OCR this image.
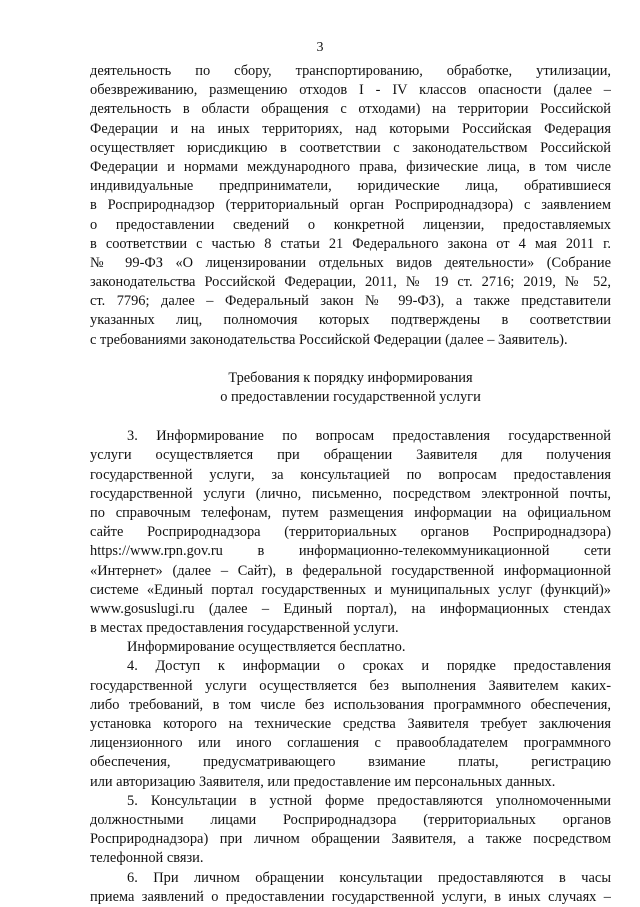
3
деятельность по сбору, транспортированию, обработке, утилизации,
обезвреживанию, размещению отходов I - IV классов опасности (далее –
деятельность в области обращения с отходами) на территории Российской
Федерации и на иных территориях, над которыми Российская Федерация
осуществляет юрисдикцию в соответствии с законодательством Российской
Федерации и нормами международного права, физические лица, в том числе
индивидуальные предприниматели, юридические лица, обратившиеся
в Росприроднадзор (территориальный орган Росприроднадзора) с заявлением
о предоставлении сведений о конкретной лицензии, предоставляемых
в соответствии с частью 8 статьи 21 Федерального закона от 4 мая 2011 г.
№ 99-ФЗ «О лицензировании отдельных видов деятельности» (Собрание
законодательства Российской Федерации, 2011, № 19 ст. 2716; 2019, № 52,
ст. 7796; далее – Федеральный закон № 99-ФЗ), а также представители
указанных лиц, полномочия которых подтверждены в соответствии
с требованиями законодательства Российской Федерации (далее – Заявитель).
Требования к порядку информирования
о предоставлении государственной услуги
3. Информирование по вопросам предоставления государственной
услуги осуществляется при обращении Заявителя для получения
государственной услуги, за консультацией по вопросам предоставления
государственной услуги (лично, письменно, посредством электронной почты,
по справочным телефонам, путем размещения информации на официальном
сайте Росприроднадзора (территориальных органов Росприроднадзора)
https://www.rpn.gov.ru в информационно-телекоммуникационной сети
«Интернет» (далее – Сайт), в федеральной государственной информационной
системе «Единый портал государственных и муниципальных услуг (функций)»
www.gosuslugi.ru (далее – Единый портал), на информационных стендах
в местах предоставления государственной услуги.
Информирование осуществляется бесплатно.
4. Доступ к информации о сроках и порядке предоставления
государственной услуги осуществляется без выполнения Заявителем каких-
либо требований, в том числе без использования программного обеспечения,
установка которого на технические средства Заявителя требует заключения
лицензионного или иного соглашения с правообладателем программного
обеспечения, предусматривающего взимание платы, регистрацию
или авторизацию Заявителя, или предоставление им персональных данных.
5. Консультации в устной форме предоставляются уполномоченными
должностными лицами Росприроднадзора (территориальных органов
Росприроднадзора) при личном обращении Заявителя, а также посредством
телефонной связи.
6. При личном обращении консультации предоставляются в часы
приема заявлений о предоставлении государственной услуги, в иных случаях –
